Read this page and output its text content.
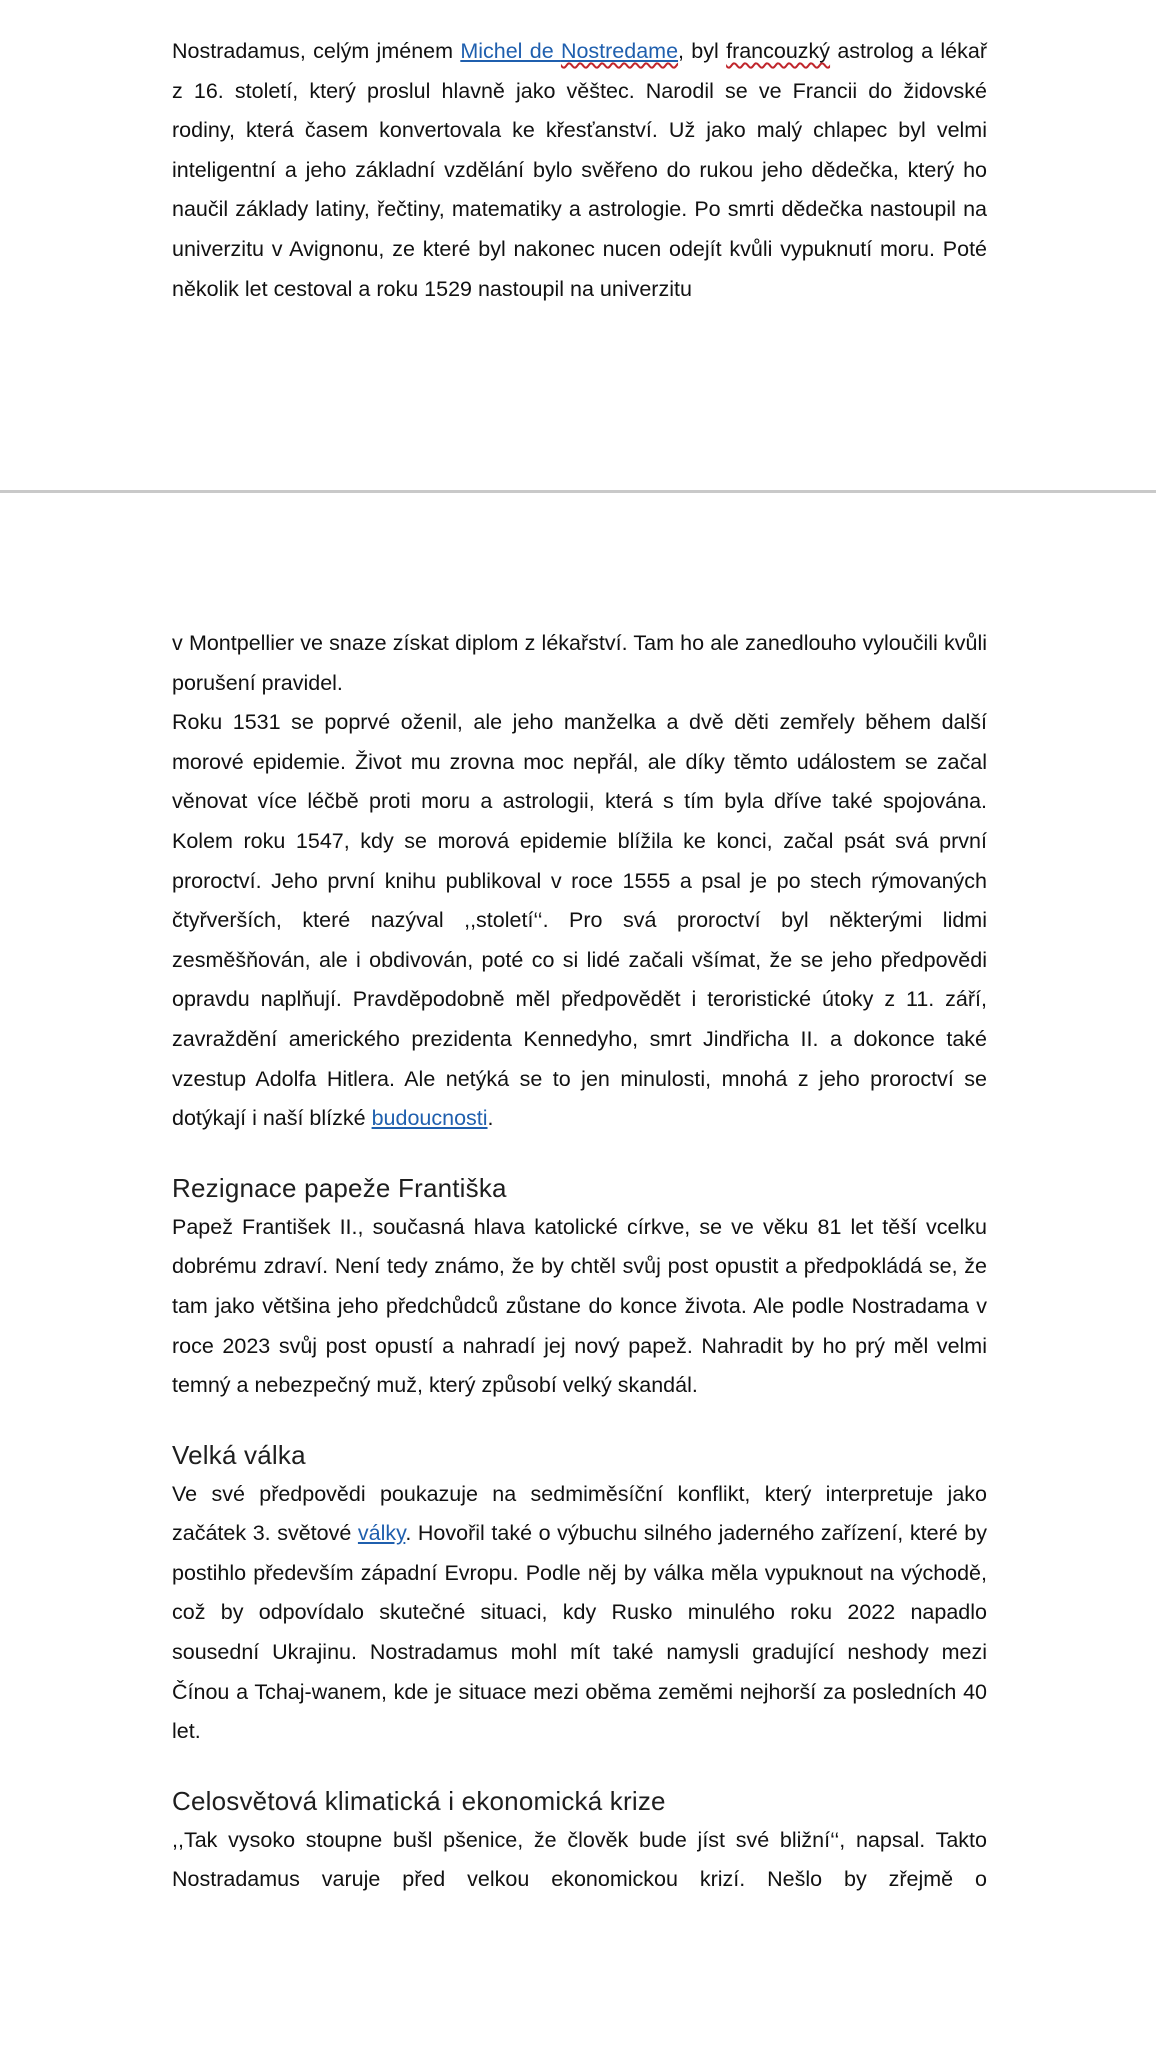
Nostradamus, celým jménem Michel de Nostredame, byl francouzký astrolog a lékař z 16. století, který proslul hlavně jako věštec. Narodil se ve Francii do židovské rodiny, která časem konvertovala ke křesťanství. Už jako malý chlapec byl velmi inteligentní a jeho základní vzdělání bylo svěřeno do rukou jeho dědečka, který ho naučil základy latiny, řečtiny, matematiky a astrologie. Po smrti dědečka nastoupil na univerzitu v Avignonu, ze které byl nakonec nucen odejít kvůli vypuknutí moru. Poté několik let cestoval a roku 1529 nastoupil na univerzitu

v Montpellier ve snaze získat diplom z lékařství. Tam ho ale zanedlouho vyloučili kvůli porušení pravidel.

Roku 1531 se poprvé oženil, ale jeho manželka a dvě děti zemřely během další morové epidemie. Život mu zrovna moc nepřál, ale díky těmto událostem se začal věnovat více léčbě proti moru a astrologii, která s tím byla dříve také spojována. Kolem roku 1547, kdy se morová epidemie blížila ke konci, začal psát svá první proroctví. Jeho první knihu publikoval v roce 1555 a psal je po stech rýmovaných čtyřverších, které nazýval ,,století‘‘. Pro svá proroctví byl některými lidmi zesměšňován, ale i obdivován, poté co si lidé začali všímat, že se jeho předpovědi opravdu naplňují. Pravděpodobně měl předpovědět i teroristické útoky z 11. září, zavraždění amerického prezidenta Kennedyho, smrt Jindřicha II. a dokonce také vzestup Adolfa Hitlera. Ale netýká se to jen minulosti, mnohá z jeho proroctví se dotýkají i naší blízké budoucnosti.

Rezignace papeže Františka

Papež František II., současná hlava katolické církve, se ve věku 81 let těší vcelku dobrému zdraví. Není tedy známo, že by chtěl svůj post opustit a předpokládá se, že tam jako většina jeho předchůdců zůstane do konce života. Ale podle Nostradama v roce 2023 svůj post opustí a nahradí jej nový papež. Nahradit by ho prý měl velmi temný a nebezpečný muž, který způsobí velký skandál.

Velká válka

Ve své předpovědi poukazuje na sedmiměsíční konflikt, který interpretuje jako začátek 3. světové války. Hovořil také o výbuchu silného jaderného zařízení, které by postihlo především západní Evropu. Podle něj by válka měla vypuknout na východě, což by odpovídalo skutečné situaci, kdy Rusko minulého roku 2022 napadlo sousední Ukrajinu. Nostradamus mohl mít také namysli gradující neshody mezi Čínou a Tchaj-wanem, kde je situace mezi oběma zeměmi nejhorší za posledních 40 let.

Celosvětová klimatická i ekonomická krize

,,Tak vysoko stoupne bušl pšenice, že člověk bude jíst své bližní‘‘, napsal. Takto Nostradamus varuje před velkou ekonomickou krizí. Nešlo by zřejmě o
